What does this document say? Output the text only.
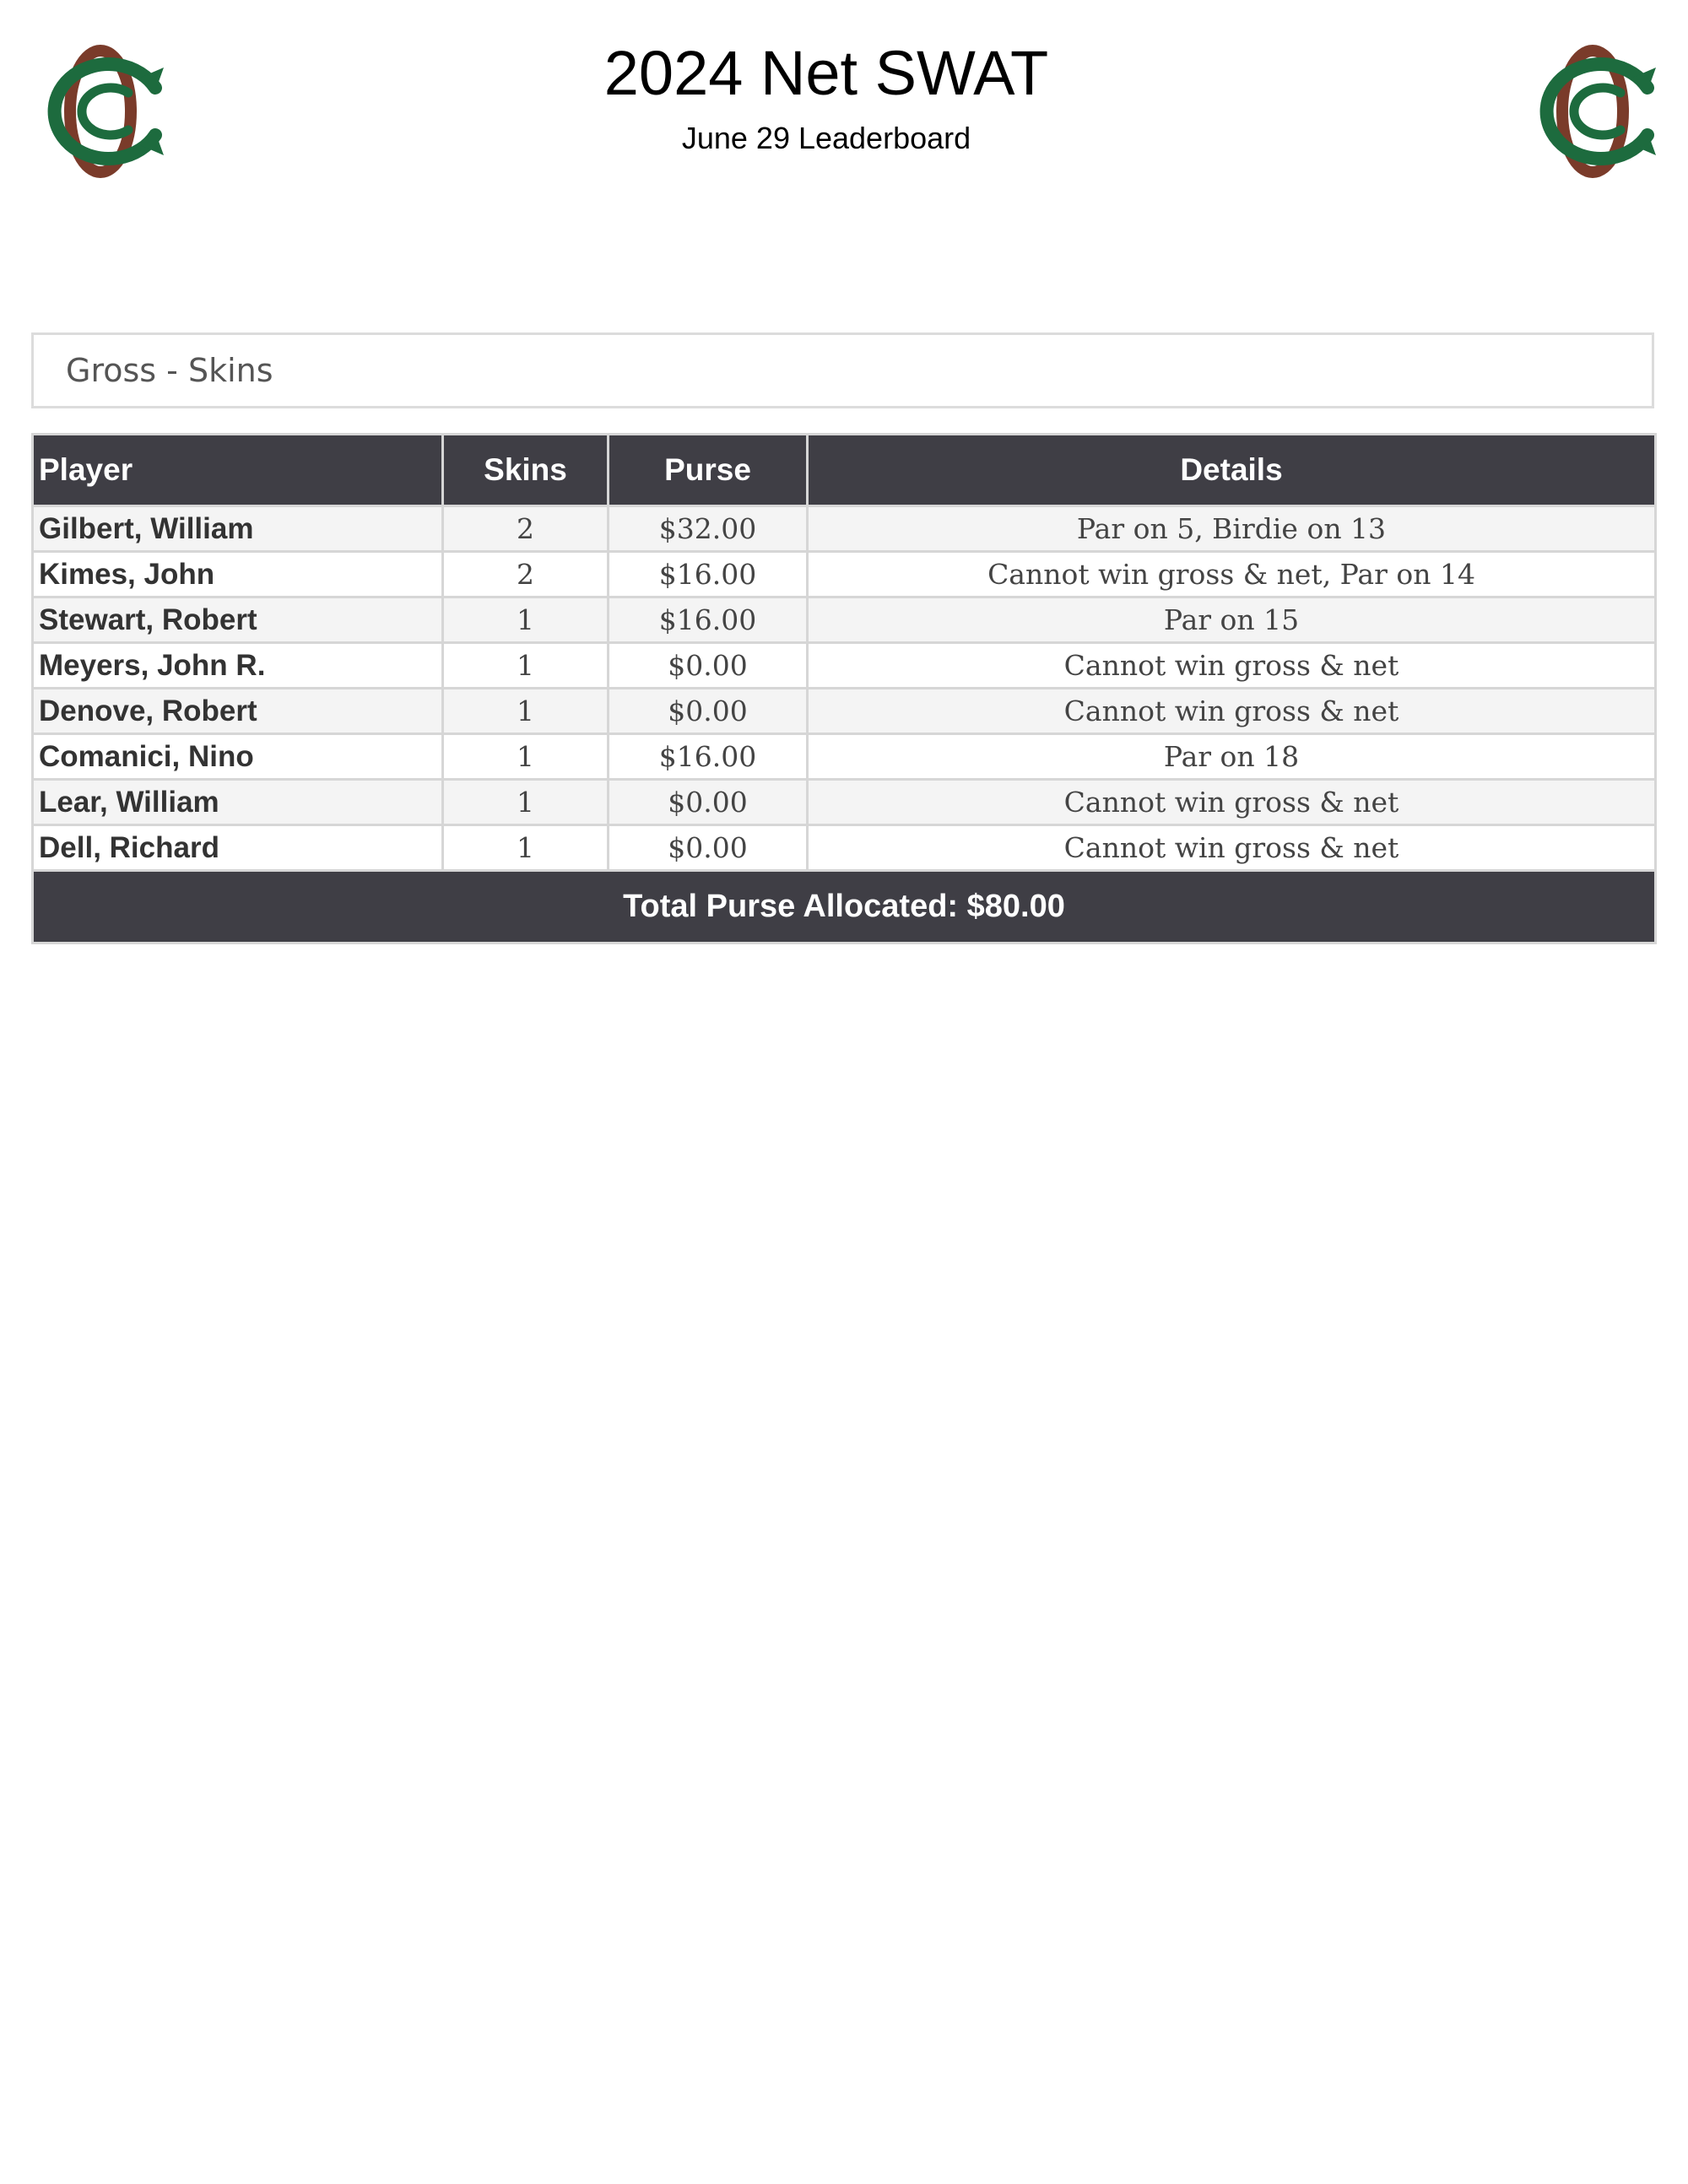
2024 Net SWAT
June 29 Leaderboard
Gross - Skins
Player	Skins	Purse	Details
Gilbert, William	2	$32.00	Par on 5, Birdie on 13
Kimes, John	2	$16.00	Cannot win gross & net, Par on 14
Stewart, Robert	1	$16.00	Par on 15
Meyers, John R.	1	$0.00	Cannot win gross & net
Denove, Robert	1	$0.00	Cannot win gross & net
Comanici, Nino	1	$16.00	Par on 18
Lear, William	1	$0.00	Cannot win gross & net
Dell, Richard	1	$0.00	Cannot win gross & net
Total Purse Allocated: $80.00			
